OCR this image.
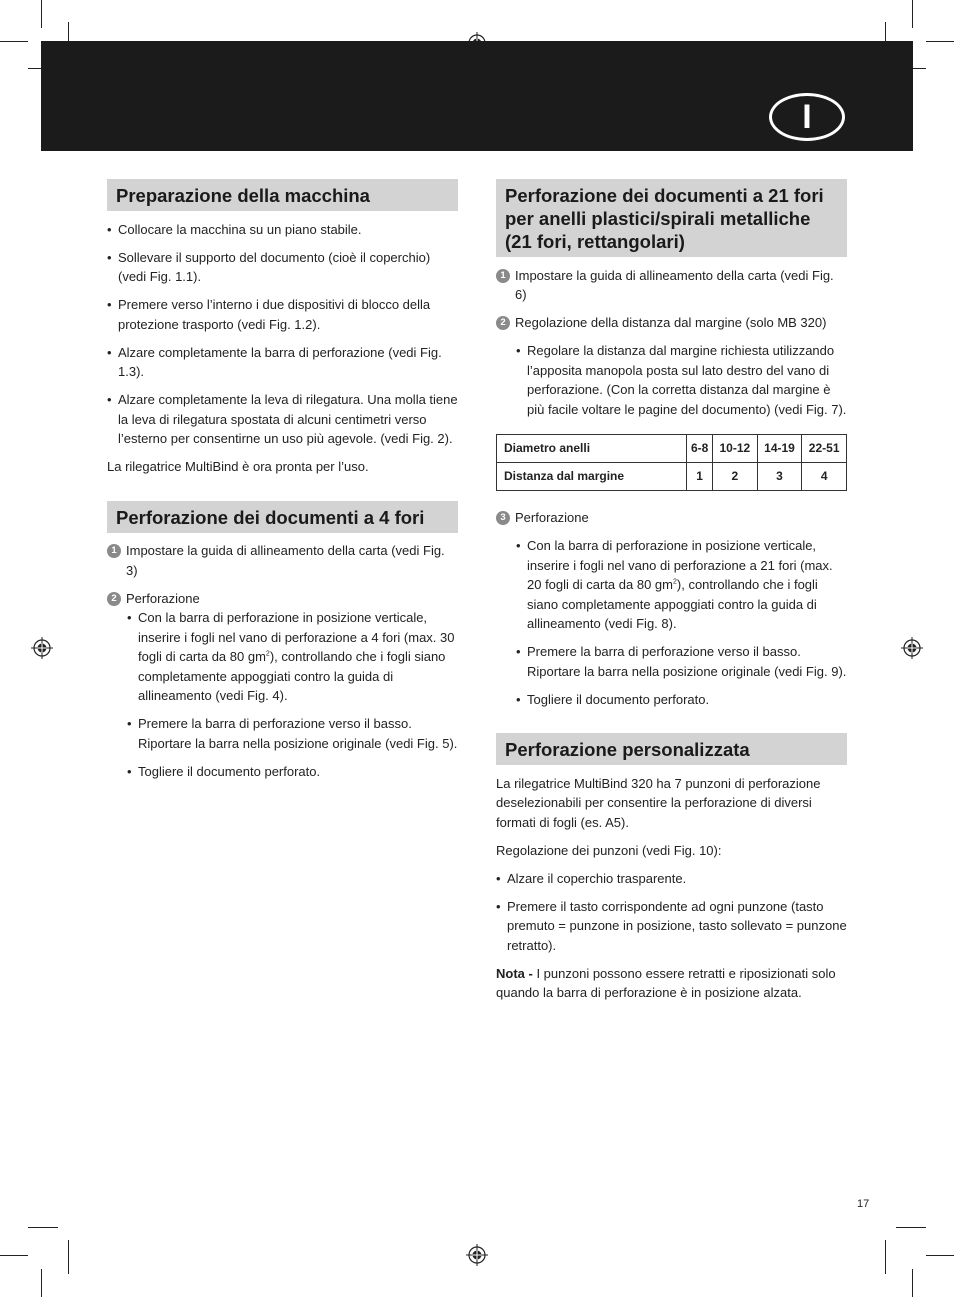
I
Preparazione della macchina

• Collocare la macchina su un piano stabile.

• Sollevare il supporto del documento (cioè il coperchio) (vedi Fig. 1.1).

• Premere verso l’interno i due dispositivi di blocco della protezione trasporto (vedi Fig. 1.2).

• Alzare completamente la barra di perforazione (vedi Fig. 1.3).

• Alzare completamente la leva di rilegatura. Una molla tiene la leva di rilegatura spostata di alcuni centimetri verso l’esterno per consentirne un uso più agevole. (vedi Fig. 2).

La rilegatrice MultiBind è ora pronta per l’uso.

Perforazione dei documenti a 4 fori

1 Impostare la guida di allineamento della carta (vedi Fig. 3)

2 Perforazione

• Con la barra di perforazione in posizione verticale, inserire i fogli nel vano di perforazione a 4 fori (max. 30 fogli di carta da 80 $gm^2$), controllando che i fogli siano completamente appoggiati contro la guida di allineamento (vedi Fig. 4).

• Premere la barra di perforazione verso il basso. Riportare la barra nella posizione originale (vedi Fig. 5).

• Togliere il documento perforato.

Perforazione dei documenti a 21 fori per anelli plastici/spirali metalliche (21 fori, rettangolari)

1 Impostare la guida di allineamento della carta (vedi Fig. 6)

2 Regolazione della distanza dal margine (solo MB 320)

• Regolare la distanza dal margine richiesta utilizzando l’apposita manopola posta sul lato destro del vano di perforazione. (Con la corretta distanza dal margine è più facile voltare le pagine del documento) (vedi Fig. 7).

Diametro anelli	6-8	10-12	14-19	22-51
Distanza dal margine	1	2	3	4

3 Perforazione

• Con la barra di perforazione in posizione verticale, inserire i fogli nel vano di perforazione a 21 fori (max. 20 fogli di carta da 80 $gm^2$), controllando che i fogli siano completamente appoggiati contro la guida di allineamento (vedi Fig. 8).

• Premere la barra di perforazione verso il basso. Riportare la barra nella posizione originale (vedi Fig. 9).

• Togliere il documento perforato.

Perforazione personalizzata

La rilegatrice MultiBind 320 ha 7 punzoni di perforazione deselezionabili per consentire la perforazione di diversi formati di fogli (es. A5).

Regolazione dei punzoni (vedi Fig. 10):

• Alzare il coperchio trasparente.

• Premere il tasto corrispondente ad ogni punzone (tasto premuto = punzone in posizione, tasto sollevato = punzone retratto).

Nota - I punzoni possono essere retratti e riposizionati solo quando la barra di perforazione è in posizione alzata.

17
